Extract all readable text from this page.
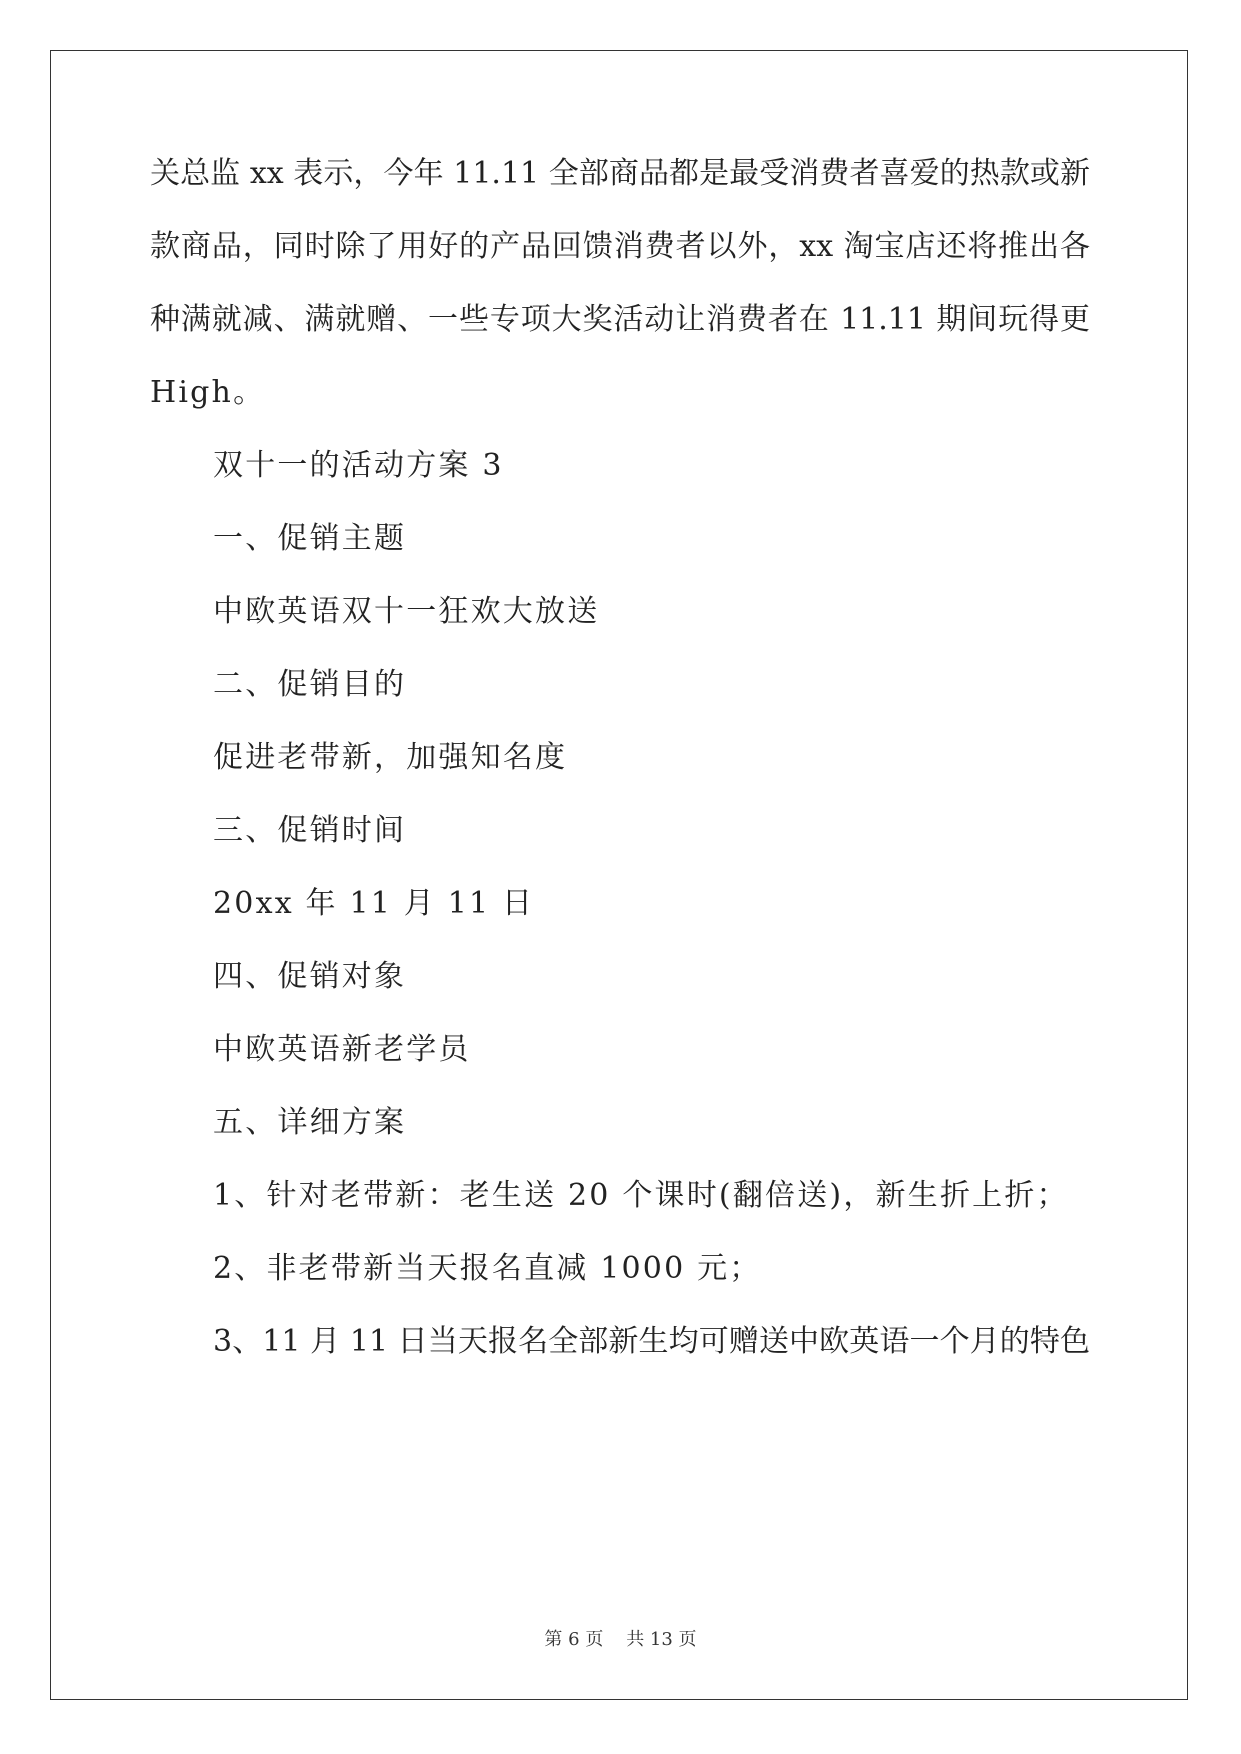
关总监 xx 表示，今年 11.11 全部商品都是最受消费者喜爱的热款或新
款商品，同时除了用好的产品回馈消费者以外，xx 淘宝店还将推出各
种满就减、满就赠、一些专项大奖活动让消费者在 11.11 期间玩得更
High。
双十一的活动方案 3
一、促销主题
中欧英语双十一狂欢大放送
二、促销目的
促进老带新，加强知名度
三、促销时间
20xx 年 11 月 11 日
四、促销对象
中欧英语新老学员
五、详细方案
1、针对老带新：老生送 20 个课时(翻倍送)，新生折上折；
2、非老带新当天报名直减 1000 元；
3、11 月 11 日当天报名全部新生均可赠送中欧英语一个月的特色
第 6 页    共 13 页
